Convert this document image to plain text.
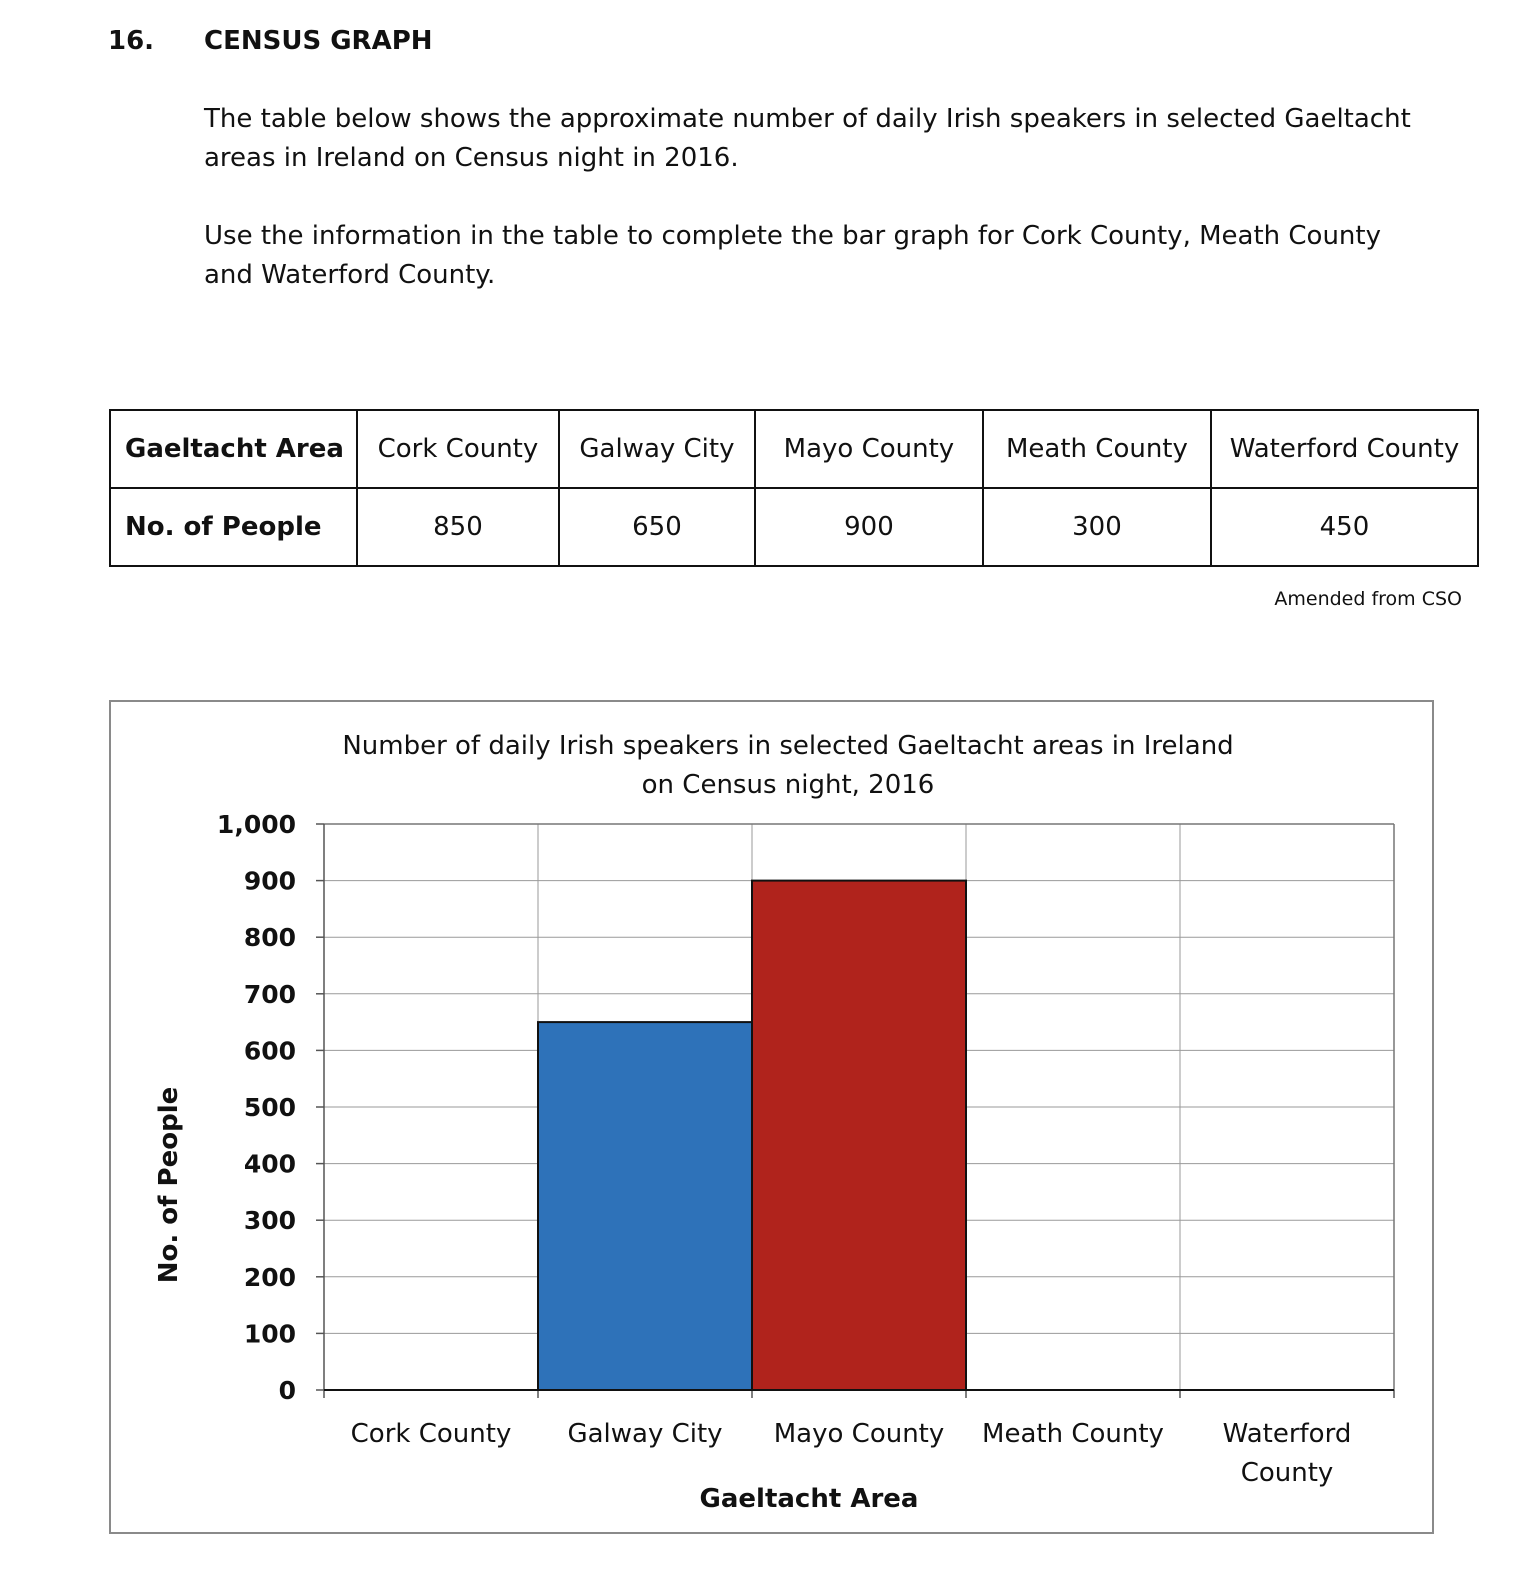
16. CENSUS GRAPH
The table below shows the approximate number of daily Irish speakers in selected Gaeltacht areas in Ireland on Census night in 2016.
Use the information in the table to complete the bar graph for Cork County, Meath County and Waterford County.
Gaeltacht Area	Cork County	Galway City	Mayo County	Meath County	Waterford County
No. of People	850	650	900	300	450
Amended from CSO
0
100
200
300
400
500
600
700
800
900
1,000
Cork County Galway City Mayo County Meath County Waterford County
Number of daily Irish speakers in selected Gaeltacht areas in Ireland
on Census night, 2016
Gaeltacht Area
No. of People
